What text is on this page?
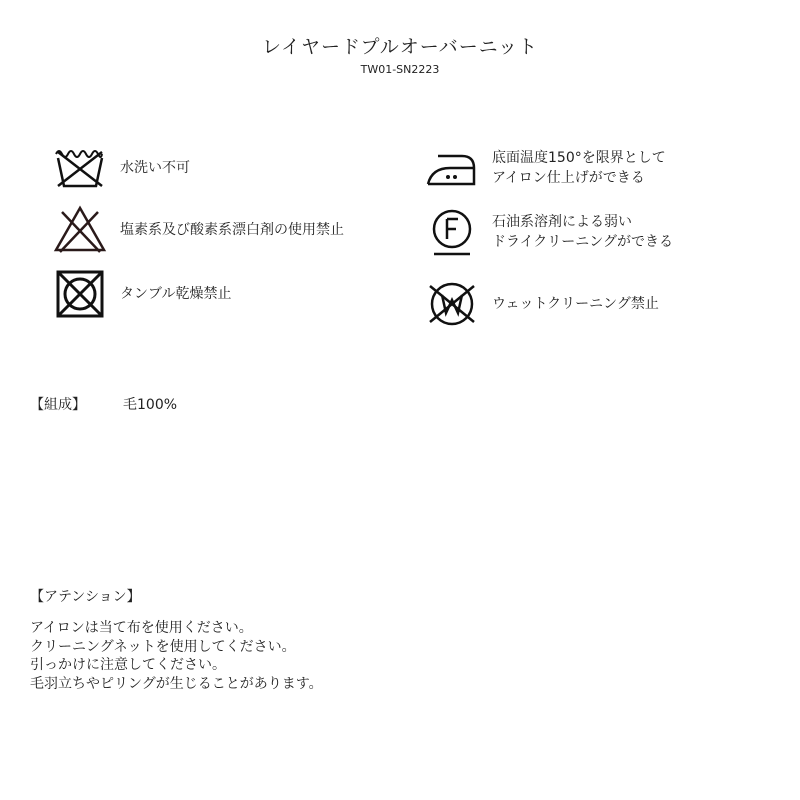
レイヤードプルオーバーニット
TW01-SN2223
水洗い不可
塩素系及び酸素系漂白剤の使用禁止
タンブル乾燥禁止
底面温度150°を限界として
アイロン仕上げができる
石油系溶剤による弱い
ドライクリーニングができる
ウェットクリーニング禁止
【組成】	毛100%
【アテンション】
アイロンは当て布を使用ください。
クリーニングネットを使用してください。
引っかけに注意してください。
毛羽立ちやピリングが生じることがあります。
